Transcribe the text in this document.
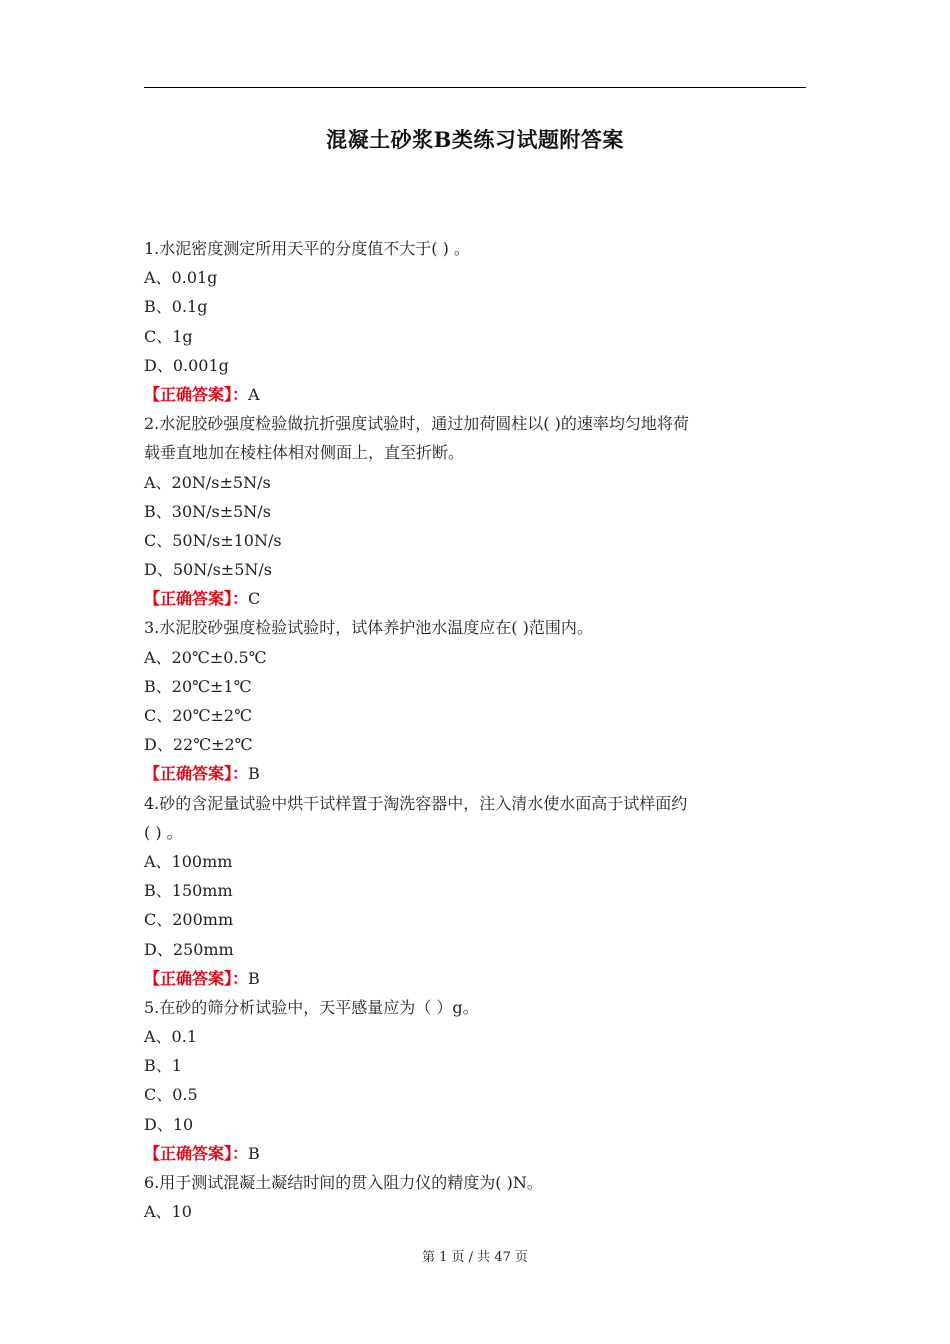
混凝土砂浆B类练习试题附答案
1.水泥密度测定所用天平的分度值不大于( ) 。
A、0.01g
B、0.1g
C、1g
D、0.001g
【正确答案】：A
2.水泥胶砂强度检验做抗折强度试验时，通过加荷圆柱以( )的速率均匀地将荷
载垂直地加在棱柱体相对侧面上，直至折断。
A、20N/s±5N/s
B、30N/s±5N/s
C、50N/s±10N/s
D、50N/s±5N/s
【正确答案】：C
3.水泥胶砂强度检验试验时，试体养护池水温度应在( )范围内。
A、20℃±0.5℃
B、20℃±1℃
C、20℃±2℃
D、22℃±2℃
【正确答案】：B
4.砂的含泥量试验中烘干试样置于淘洗容器中，注入清水使水面高于试样面约
( ) 。
A、100mm
B、150mm
C、200mm
D、250mm
【正确答案】：B
5.在砂的筛分析试验中，天平感量应为（ ）g。
A、0.1
B、1
C、0.5
D、10
【正确答案】：B
6.用于测试混凝土凝结时间的贯入阻力仪的精度为( )N。
A、10
第 1 页 / 共 47 页
